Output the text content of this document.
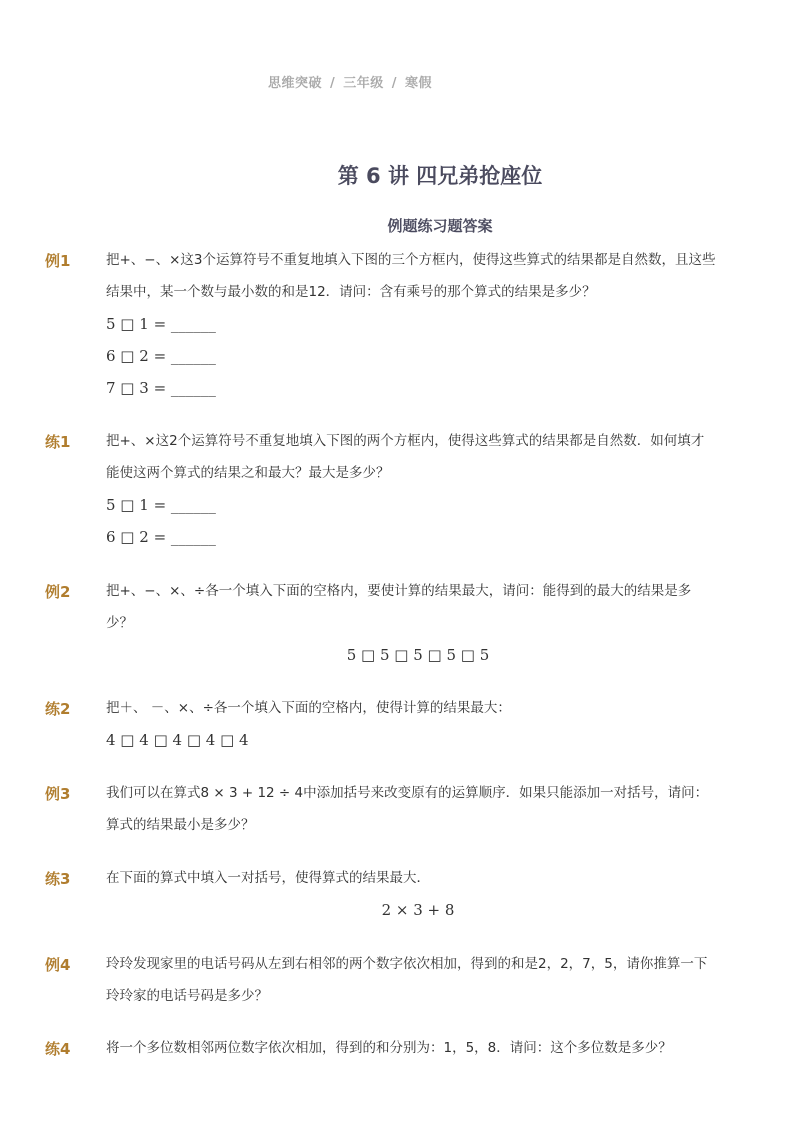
思维突破 / 三年级 / 寒假
第 6 讲 四兄弟抢座位
例题练习题答案
例1	把+、−、×这3个运算符号不重复地填入下图的三个方框内，使得这些算式的结果都是自然数，且这些结果中，某一个数与最小数的和是12．请问：含有乘号的那个算式的结果是多少？
5 □ 1 = ______
6 □ 2 = ______
7 □ 3 = ______
练1	把+、×这2个运算符号不重复地填入下图的两个方框内，使得这些算式的结果都是自然数．如何填才能使这两个算式的结果之和最大？最大是多少？
5 □ 1 = ______
6 □ 2 = ______
例2	把+、−、×、÷各一个填入下面的空格内，要使计算的结果最大，请问：能得到的最大的结果是多少？
5 □ 5 □ 5 □ 5 □ 5
练2	把＋、 －、×、÷各一个填入下面的空格内，使得计算的结果最大：
4 □ 4 □ 4 □ 4 □ 4
例3	我们可以在算式8 × 3 + 12 ÷ 4中添加括号来改变原有的运算顺序．如果只能添加一对括号，请问：算式的结果最小是多少？
练3	在下面的算式中填入一对括号，使得算式的结果最大．
2 × 3 + 8
例4	玲玲发现家里的电话号码从左到右相邻的两个数字依次相加，得到的和是2，2，7，5，请你推算一下玲玲家的电话号码是多少？
练4	将一个多位数相邻两位数字依次相加，得到的和分别为：1，5，8．请问：这个多位数是多少？
